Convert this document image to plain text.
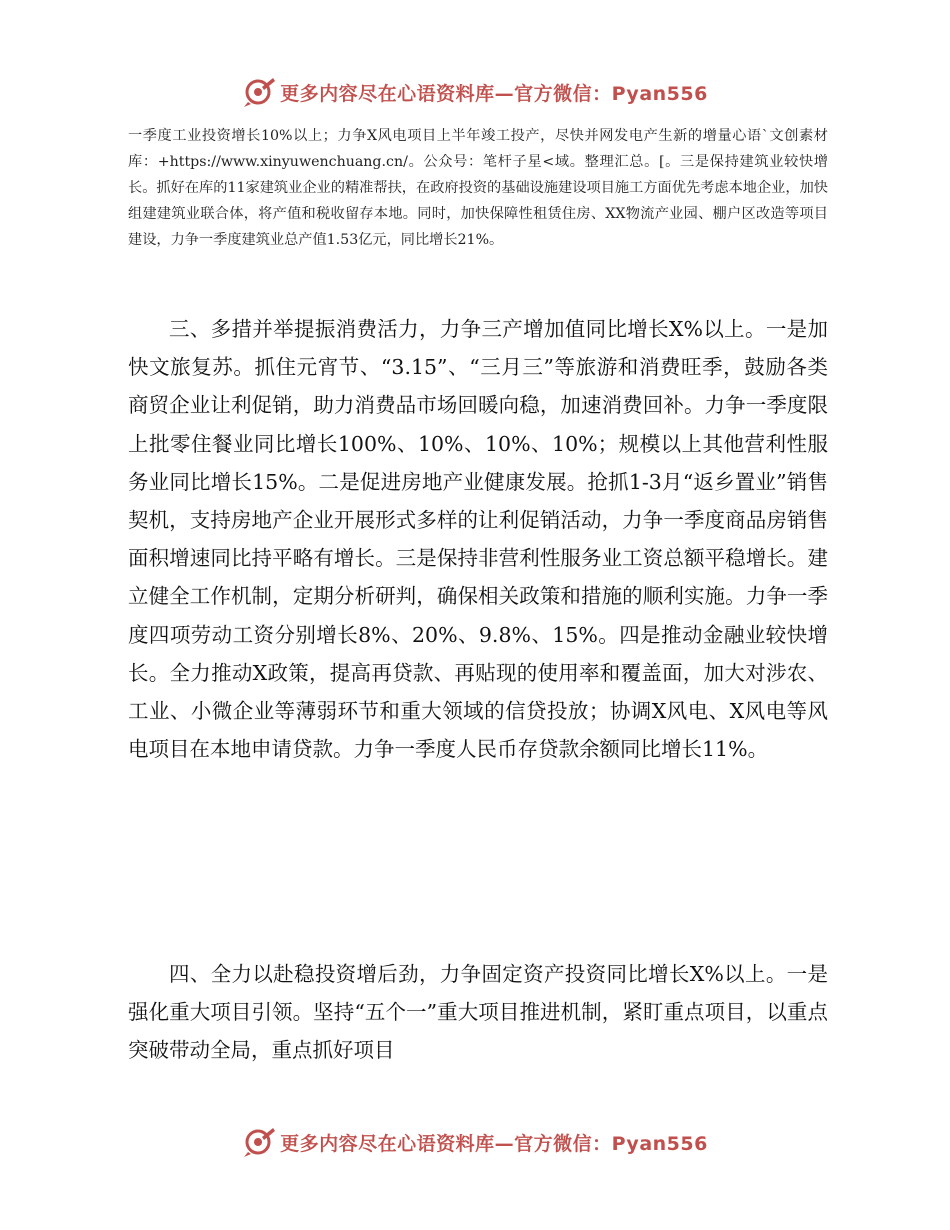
更多内容尽在心语资料库—官方微信：Pyan556

一季度工业投资增长10%以上；力争X风电项目上半年竣工投产，尽快并网发电产生新的增量心语`文创素材库：+https://www.xinyuwenchuang.cn/。公众号：笔杆子星<域。整理汇总。[。三是保持建筑业较快增长。抓好在库的11家建筑业企业的精准帮扶，在政府投资的基础设施建设项目施工方面优先考虑本地企业，加快组建建筑业联合体，将产值和税收留存本地。同时，加快保障性租赁住房、XX物流产业园、棚户区改造等项目建设，力争一季度建筑业总产值1.53亿元，同比增长21%。

三、多措并举提振消费活力，力争三产增加值同比增长X%以上。一是加快文旅复苏。抓住元宵节、“3.15”、“三月三”等旅游和消费旺季，鼓励各类商贸企业让利促销，助力消费品市场回暖向稳，加速消费回补。力争一季度限上批零住餐业同比增长100%、10%、10%、10%；规模以上其他营利性服务业同比增长15%。二是促进房地产业健康发展。抢抓1-3月“返乡置业”销售契机，支持房地产企业开展形式多样的让利促销活动，力争一季度商品房销售面积增速同比持平略有增长。三是保持非营利性服务业工资总额平稳增长。建立健全工作机制，定期分析研判，确保相关政策和措施的顺利实施。力争一季度四项劳动工资分别增长8%、20%、9.8%、15%。四是推动金融业较快增长。全力推动X政策，提高再贷款、再贴现的使用率和覆盖面，加大对涉农、工业、小微企业等薄弱环节和重大领域的信贷投放；协调X风电、X风电等风电项目在本地申请贷款。力争一季度人民币存贷款余额同比增长11%。

四、全力以赴稳投资增后劲，力争固定资产投资同比增长X%以上。一是强化重大项目引领。坚持“五个一”重大项目推进机制，紧盯重点项目，以重点突破带动全局，重点抓好项目

更多内容尽在心语资料库—官方微信：Pyan556
